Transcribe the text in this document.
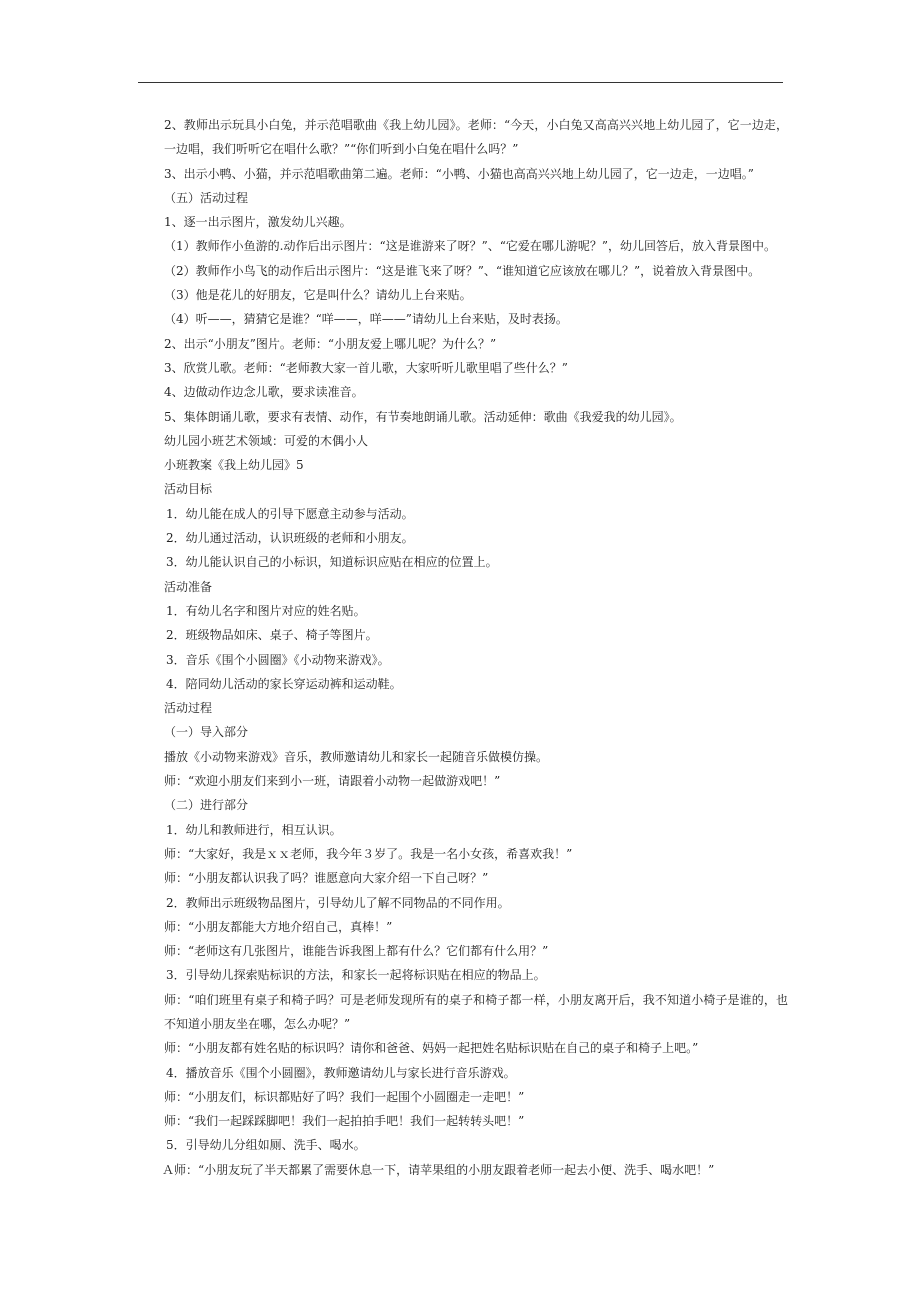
2、教师出示玩具小白兔，并示范唱歌曲《我上幼儿园》。老师：“今天，小白兔又高高兴兴地上幼儿园了，它一边走，一边唱，我们听听它在唱什么歌？”“你们听到小白兔在唱什么吗？”
3、出示小鸭、小猫，并示范唱歌曲第二遍。老师：“小鸭、小猫也高高兴兴地上幼儿园了，它一边走，一边唱。”
（五）活动过程
1、逐一出示图片，激发幼儿兴趣。
（1）教师作小鱼游的.动作后出示图片：“这是谁游来了呀？”、“它爱在哪儿游呢？”，幼儿回答后，放入背景图中。
（2）教师作小鸟飞的动作后出示图片：“这是谁飞来了呀？”、“谁知道它应该放在哪儿？”，说着放入背景图中。
（3）他是花儿的好朋友，它是叫什么？请幼儿上台来贴。
（4）听——，猜猜它是谁？“咩——，咩——”请幼儿上台来贴，及时表扬。
2、出示“小朋友”图片。老师：“小朋友爱上哪儿呢？为什么？”
3、欣赏儿歌。老师：“老师教大家一首儿歌，大家听听儿歌里唱了些什么？”
4、边做动作边念儿歌，要求读准音。
5、集体朗诵儿歌，要求有表情、动作，有节奏地朗诵儿歌。活动延伸：歌曲《我爱我的幼儿园》。
幼儿园小班艺术领域：可爱的木偶小人
小班教案《我上幼儿园》5
活动目标
1．幼儿能在成人的引导下愿意主动参与活动。
2．幼儿通过活动，认识班级的老师和小朋友。
3．幼儿能认识自己的小标识，知道标识应贴在相应的位置上。
活动准备
1．有幼儿名字和图片对应的姓名贴。
2．班级物品如床、桌子、椅子等图片。
3．音乐《围个小圆圈》《小动物来游戏》。
4．陪同幼儿活动的家长穿运动裤和运动鞋。
活动过程
（一）导入部分
播放《小动物来游戏》音乐，教师邀请幼儿和家长一起随音乐做模仿操。
师：“欢迎小朋友们来到小一班，请跟着小动物一起做游戏吧！”
（二）进行部分
1．幼儿和教师进行，相互认识。
师：“大家好，我是ｘｘ老师，我今年３岁了。我是一名小女孩，希喜欢我！”
师：“小朋友都认识我了吗？谁愿意向大家介绍一下自己呀？”
2．教师出示班级物品图片，引导幼儿了解不同物品的不同作用。
师：“小朋友都能大方地介绍自己，真棒！”
师：“老师这有几张图片，谁能告诉我图上都有什么？它们都有什么用？”
3．引导幼儿探索贴标识的方法，和家长一起将标识贴在相应的物品上。
师：“咱们班里有桌子和椅子吗？可是老师发现所有的桌子和椅子都一样，小朋友离开后，我不知道小椅子是谁的，也不知道小朋友坐在哪，怎么办呢？”
师：“小朋友都有姓名贴的标识吗？请你和爸爸、妈妈一起把姓名贴标识贴在自己的桌子和椅子上吧。”
4．播放音乐《围个小圆圈》，教师邀请幼儿与家长进行音乐游戏。
师：“小朋友们，标识都贴好了吗？我们一起围个小圆圈走一走吧！”
师：“我们一起踩踩脚吧！我们一起拍拍手吧！我们一起转转头吧！”
5．引导幼儿分组如厕、洗手、喝水。
Ａ师：“小朋友玩了半天都累了需要休息一下，请苹果组的小朋友跟着老师一起去小便、洗手、喝水吧！”
